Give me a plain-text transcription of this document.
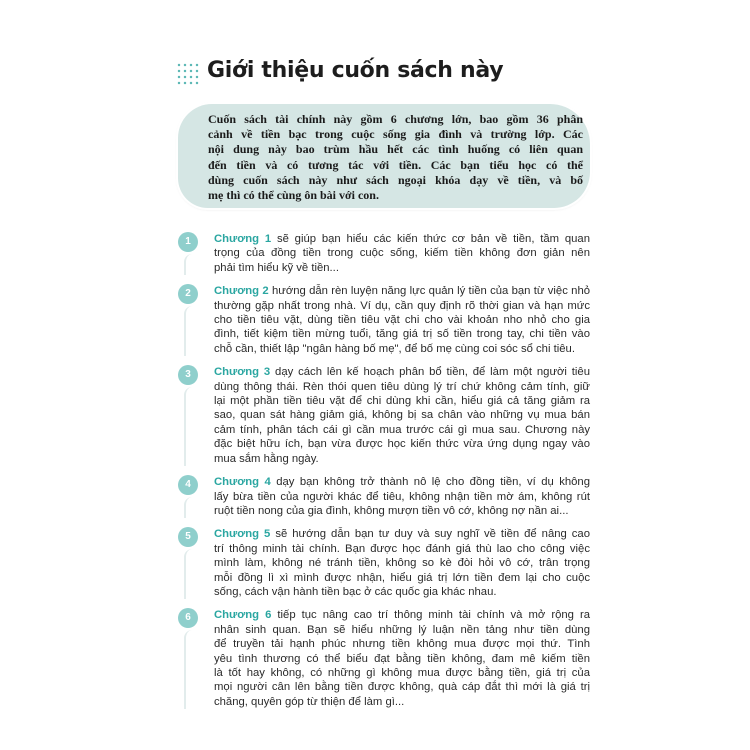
Giới thiệu cuốn sách này
Cuốn sách tài chính này gồm 6 chương lớn, bao gồm 36 phân
cảnh về tiền bạc trong cuộc sống gia đình và trường lớp. Các
nội dung này bao trùm hầu hết các tình huống có liên quan
đến tiền và có tương tác với tiền. Các bạn tiểu học có thể
dùng cuốn sách này như sách ngoại khóa dạy về tiền, và bố
mẹ thì có thể cùng ôn bài với con.
1	Chương 1 sẽ giúp bạn hiểu các kiến thức cơ bản về tiền, tầm quan
trọng của đồng tiền trong cuộc sống, kiếm tiền không đơn giản nên
phải tìm hiểu kỹ về tiền...
2	Chương 2 hướng dẫn rèn luyện năng lực quản lý tiền của bạn từ việc nhỏ
thường gặp nhất trong nhà. Ví dụ, cần quy định rõ thời gian và hạn mức
cho tiền tiêu vặt, dùng tiền tiêu vặt chi cho vài khoản nho nhỏ cho gia
đình, tiết kiệm tiền mừng tuổi, tăng giá trị số tiền trong tay, chi tiền vào
chỗ cần, thiết lập "ngân hàng bố mẹ", để bố mẹ cùng coi sóc sổ chi tiêu.
3	Chương 3 dạy cách lên kế hoạch phân bổ tiền, để làm một người tiêu
dùng thông thái. Rèn thói quen tiêu dùng lý trí chứ không cảm tính, giữ
lại một phần tiền tiêu vặt để chi dùng khi cần, hiểu giá cả tăng giảm ra
sao, quan sát hàng giảm giá, không bị sa chân vào những vụ mua bán
cảm tính, phân tách cái gì cần mua trước cái gì mua sau. Chương này
đặc biệt hữu ích, bạn vừa được học kiến thức vừa ứng dụng ngay vào
mua sắm hằng ngày.
4	Chương 4 dạy bạn không trở thành nô lệ cho đồng tiền, ví dụ không
lấy bừa tiền của người khác để tiêu, không nhận tiền mờ ám, không rút
ruột tiền nong của gia đình, không mượn tiền vô cớ, không nợ nần ai...
5	Chương 5 sẽ hướng dẫn bạn tư duy và suy nghĩ về tiền để nâng cao
trí thông minh tài chính. Bạn được học đánh giá thù lao cho công việc
mình làm, không né tránh tiền, không so kè đòi hỏi vô cớ, trân trọng
mỗi đồng lì xì mình được nhận, hiểu giá trị lớn tiền đem lại cho cuộc
sống, cách vận hành tiền bạc ở các quốc gia khác nhau.
6	Chương 6 tiếp tục nâng cao trí thông minh tài chính và mở rộng ra
nhân sinh quan. Bạn sẽ hiểu những lý luận nền tảng như tiền dùng
để truyền tải hạnh phúc nhưng tiền không mua được mọi thứ. Tình
yêu tình thương có thể biểu đạt bằng tiền không, đam mê kiếm tiền
là tốt hay không, có những gì không mua được bằng tiền, giá trị của
mọi người cân lên bằng tiền được không, quà cáp đắt thì mới là giá trị
chăng, quyên góp từ thiện để làm gì...
